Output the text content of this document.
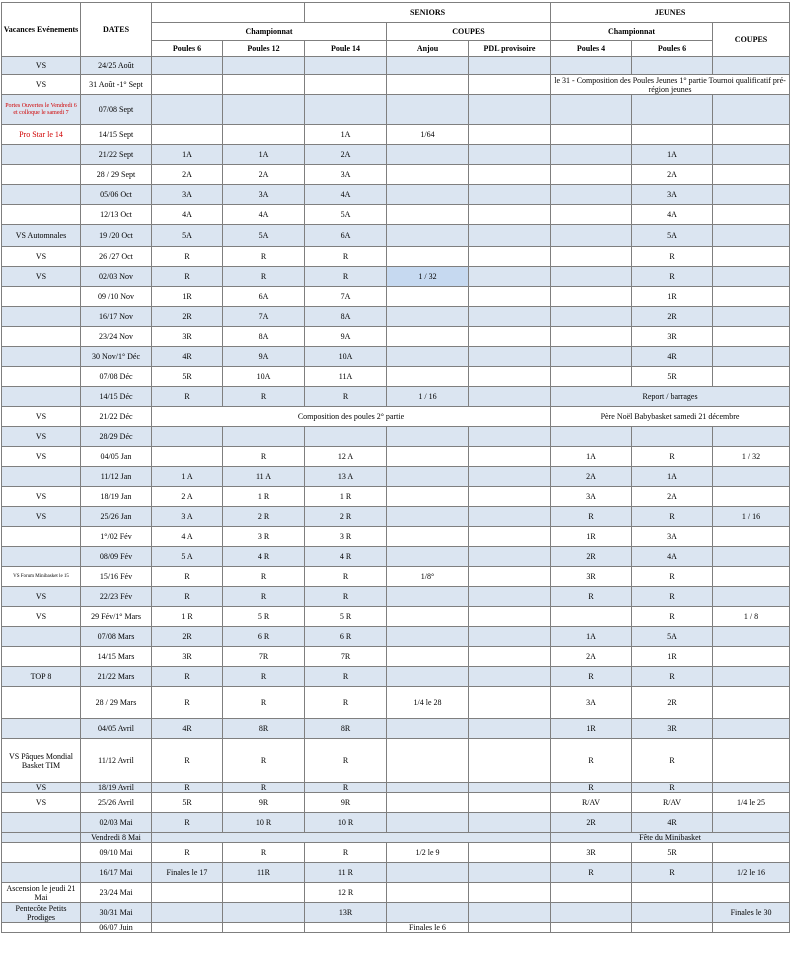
Vacances Evénements	DATES			SENIORS			JEUNES		
		Championnat			COUPES		Championnat		COUPES
		Poules 6	Poules 12	Poule 14	Anjou	PDL provisoire	Poules 4	Poules 6	
VS	24/25 Août								
VS	31 Août -1° Sept						le 31 - Composition des Poules Jeunes 1° partie Tournoi qualificatif pré-région jeunes		
Portes Ouvertes le Vendredi 6 et colloque le samedi 7	07/08 Sept								
Pro Star le 14	14/15 Sept			1A	1/64				
	21/22 Sept	1A	1A	2A				1A	
	28 / 29 Sept	2A	2A	3A				2A	
	05/06 Oct	3A	3A	4A				3A	
	12/13 Oct	4A	4A	5A				4A	
VS Automnales	19 /20 Oct	5A	5A	6A				5A	
VS	26 /27 Oct	R	R	R				R	
VS	02/03 Nov	R	R	R	1 / 32			R	
	09 /10 Nov	1R	6A	7A				1R	
	16/17 Nov	2R	7A	8A				2R	
	23/24 Nov	3R	8A	9A				3R	
	30 Nov/1° Déc	4R	9A	10A				4R	
	07/08 Déc	5R	10A	11A				5R	
	14/15 Déc	R	R	R	1 / 16		Report / barrages		
VS	21/22 Déc	Composition des poules 2° partie					Père Noël Babybasket samedi 21 décembre		
VS	28/29 Déc								
VS	04/05 Jan		R	12 A			1A	R	1 / 32
	11/12 Jan	1 A	11 A	13 A			2A	1A	
VS	18/19 Jan	2 A	1 R	1 R			3A	2A	
VS	25/26 Jan	3 A	2 R	2 R			R	R	1 / 16
	1°/02 Fév	4 A	3 R	3 R			1R	3A	
	08/09 Fév	5 A	4 R	4 R			2R	4A	
VS Forum Minibasket le 15	15/16 Fév	R	R	R	1/8°		3R	R	
VS	22/23 Fév	R	R	R			R	R	
VS	29 Fév/1° Mars	1 R	5 R	5 R				R	1 / 8
	07/08 Mars	2R	6 R	6 R			1A	5A	
	14/15 Mars	3R	7R	7R			2A	1R	
TOP 8	21/22 Mars	R	R	R			R	R	
	28 / 29 Mars	R	R	R	1/4 le 28		3A	2R	
	04/05 Avril	4R	8R	8R			1R	3R	
VS Pâques Mondial Basket TIM	11/12 Avril	R	R	R			R	R	
VS	18/19 Avril	R	R	R			R	R	
VS	25/26 Avril	5R	9R	9R			R/AV	R/AV	1/4 le 25
	02/03 Mai	R	10 R	10 R			2R	4R	
	Vendredi 8 Mai						Fête du Minibasket		
	09/10 Mai	R	R	R	1/2 le 9		3R	5R	
	16/17 Mai	Finales le 17	11R	11 R			R	R	1/2 le 16
Ascension le jeudi 21 Mai	23/24 Mai			12 R					
Pentecôte Petits Prodiges	30/31 Mai			13R					Finales le 30
	06/07 Juin				Finales le 6				
